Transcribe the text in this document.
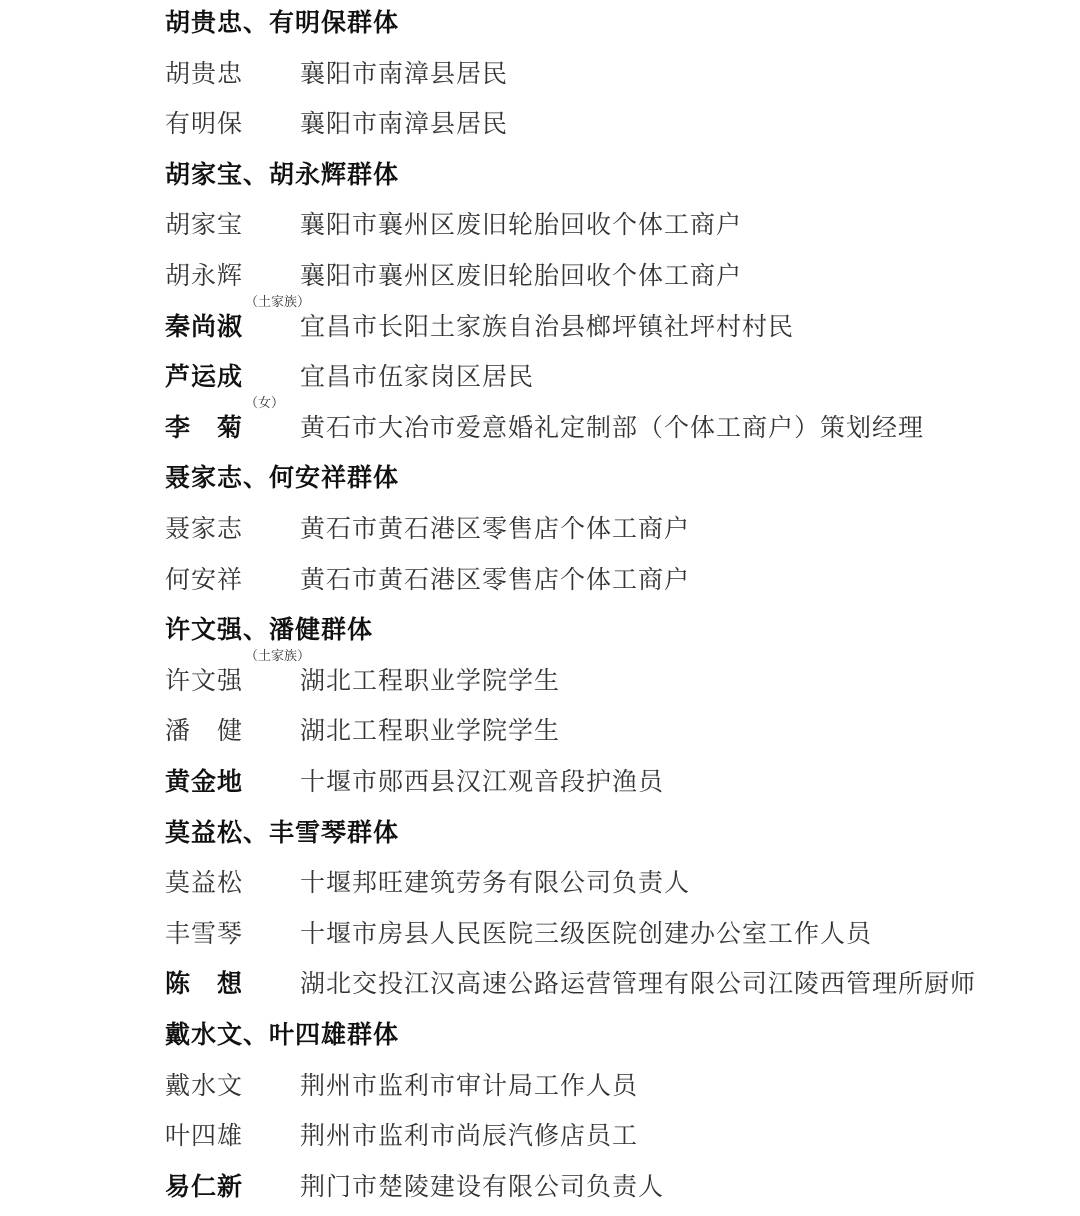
胡贵忠、有明保群体
胡贵忠 襄阳市南漳县居民
有明保 襄阳市南漳县居民
胡家宝、胡永辉群体
胡家宝 襄阳市襄州区废旧轮胎回收个体工商户
胡永辉 襄阳市襄州区废旧轮胎回收个体工商户
秦尚淑
（土家族）
宜昌市长阳土家族自治县榔坪镇社坪村村民
芦运成 宜昌市伍家岗区居民
李　菊
（女）
黄石市大冶市爱意婚礼定制部（个体工商户）策划经理
聂家志、何安祥群体
聂家志 黄石市黄石港区零售店个体工商户
何安祥 黄石市黄石港区零售店个体工商户
许文强、潘健群体
许文强
（土家族）
湖北工程职业学院学生
潘　健 湖北工程职业学院学生
黄金地 十堰市郧西县汉江观音段护渔员
莫益松、丰雪琴群体
莫益松 十堰邦旺建筑劳务有限公司负责人
丰雪琴 十堰市房县人民医院三级医院创建办公室工作人员
陈　想 湖北交投江汉高速公路运营管理有限公司江陵西管理所厨师
戴水文、叶四雄群体
戴水文 荆州市监利市审计局工作人员
叶四雄 荆州市监利市尚辰汽修店员工
易仁新 荆门市楚陵建设有限公司负责人
